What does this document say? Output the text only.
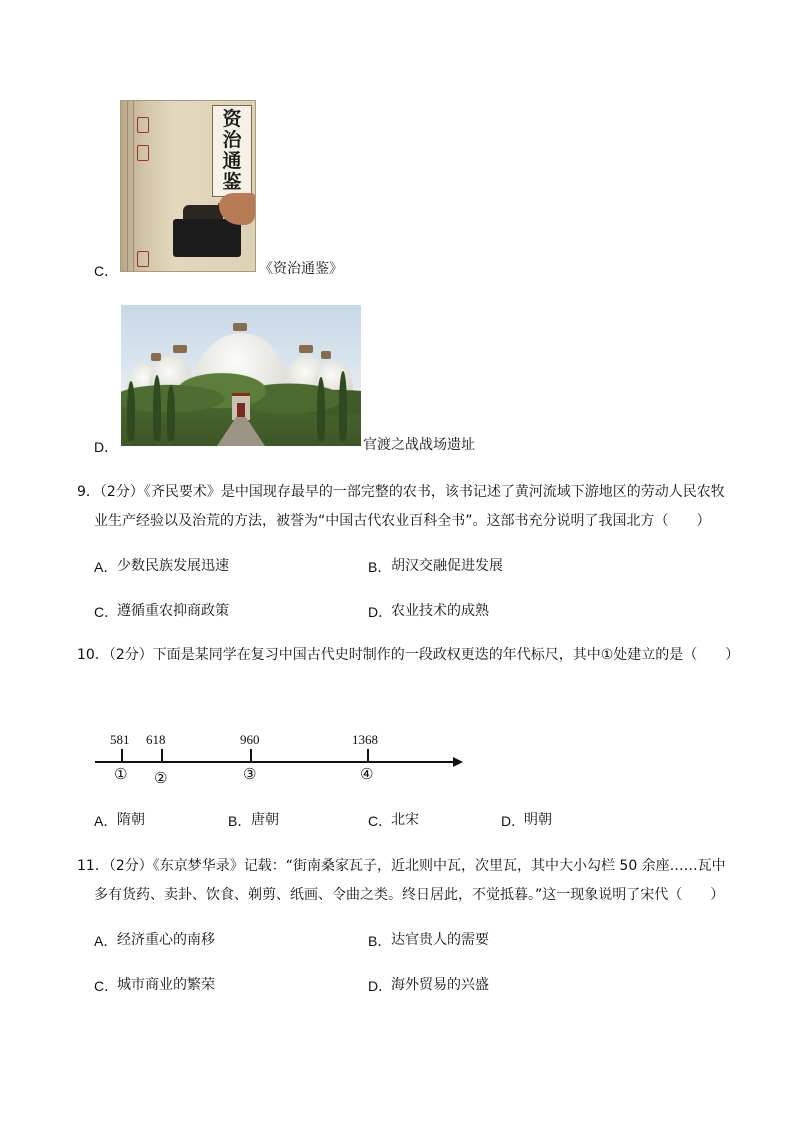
资
治
通
鉴
C．	《资治通鉴》
D．	官渡之战战场遗址
9．（2分）《齐民要术》是中国现存最早的一部完整的农书，该书记述了黄河流域下游地区的劳动人民农牧
业生产经验以及治荒的方法，被誉为“中国古代农业百科全书”。这部书充分说明了我国北方（　　）
A． 少数民族发展迅速	B． 胡汉交融促进发展
C．
遵循重农抑商政策	D．
农业技术的成熟
10．（2分）下面是某同学在复习中国古代史时制作的一段政权更迭的年代标尺，其中①处建立的是（　　）
581 618	960	1368
① ②	③	④
A． 隋朝	B． 唐朝	C．
北宋	D．
明朝
11．（2分）《东京梦华录》记载：“街南桑家瓦子，近北则中瓦，次里瓦，其中大小勾栏 50 余座……瓦中
多有货药、卖卦、饮食、剃剪、纸画、令曲之类。终日居此，不觉抵暮。”这一现象说明了宋代（　　）
A． 经济重心的南移	B． 达官贵人的需要
C．
城市商业的繁荣	D．
海外贸易的兴盛
